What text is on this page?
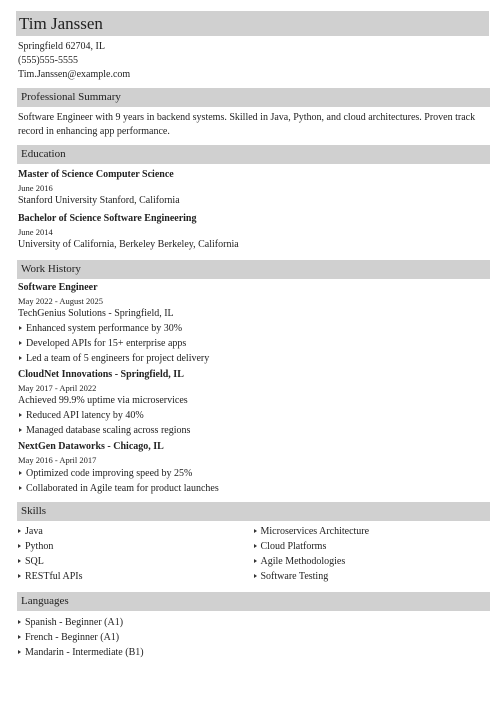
Tim Janssen
Springfield 62704, IL
(555)555-5555
Tim.Janssen@example.com
Professional Summary
Software Engineer with 9 years in backend systems. Skilled in Java, Python, and cloud architectures. Proven track record in enhancing app performance.
Education
Master of Science Computer Science
June 2016
Stanford University Stanford, California
Bachelor of Science Software Engineering
June 2014
University of California, Berkeley Berkeley, California
Work History
Software Engineer
May 2022 - August 2025
TechGenius Solutions - Springfield, IL
Enhanced system performance by 30%
Developed APIs for 15+ enterprise apps
Led a team of 5 engineers for project delivery
CloudNet Innovations - Springfield, IL
May 2017 - April 2022
Achieved 99.9% uptime via microservices
Reduced API latency by 40%
Managed database scaling across regions
NextGen Dataworks - Chicago, IL
May 2016 - April 2017
Optimized code improving speed by 25%
Collaborated in Agile team for product launches
Skills
Java
Python
SQL
RESTful APIs
Microservices Architecture
Cloud Platforms
Agile Methodologies
Software Testing
Languages
Spanish - Beginner (A1)
French - Beginner (A1)
Mandarin - Intermediate (B1)
